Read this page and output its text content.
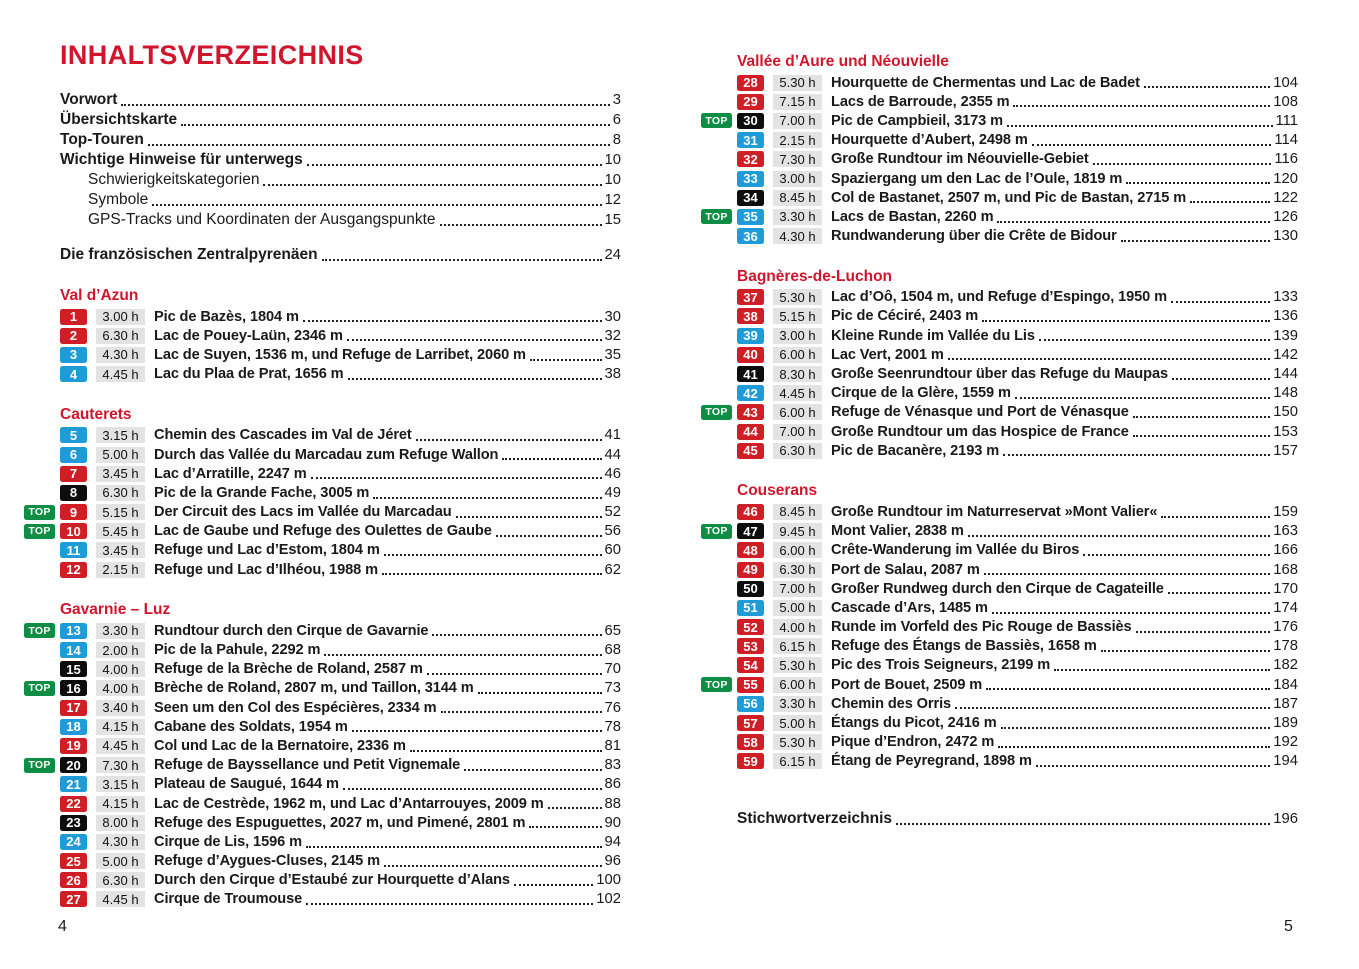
INHALTSVERZEICHNIS
Vorwort	3
Übersichtskarte	6
Top-Touren	8
Wichtige Hinweise für unterwegs	10
Schwierigkeitskategorien	10
Symbole	12
GPS-Tracks und Koordinaten der Ausgangspunkte	15
Die französischen Zentralpyrenäen	24
Val d’Azun
1	3.00 h	Pic de Bazès, 1804 m	30
2	6.30 h	Lac de Pouey-Laün, 2346 m	32
3	4.30 h	Lac de Suyen, 1536 m, und Refuge de Larribet, 2060 m	35
4	4.45 h	Lac du Plaa de Prat, 1656 m	38
Cauterets
5	3.15 h	Chemin des Cascades im Val de Jéret	41
6	5.00 h	Durch das Vallée du Marcadau zum Refuge Wallon	44
7	3.45 h	Lac d’Arratille, 2247 m	46
8	6.30 h	Pic de la Grande Fache, 3005 m	49
TOP	9	5.15 h	Der Circuit des Lacs im Vallée du Marcadau	52
TOP	10	5.45 h	Lac de Gaube und Refuge des Oulettes de Gaube	56
11	3.45 h	Refuge und Lac d’Estom, 1804 m	60
12	2.15 h	Refuge und Lac d’Ilhéou, 1988 m	62
Gavarnie – Luz
TOP	13	3.30 h	Rundtour durch den Cirque de Gavarnie	65
14	2.00 h	Pic de la Pahule, 2292 m	68
15	4.00 h	Refuge de la Brèche de Roland, 2587 m	70
TOP	16	4.00 h	Brèche de Roland, 2807 m, und Taillon, 3144 m	73
17	3.40 h	Seen um den Col des Espécières, 2334 m	76
18	4.15 h	Cabane des Soldats, 1954 m	78
19	4.45 h	Col und Lac de la Bernatoire, 2336 m	81
TOP	20	7.30 h	Refuge de Bayssellance und Petit Vignemale	83
21	3.15 h	Plateau de Saugué, 1644 m	86
22	4.15 h	Lac de Cestrède, 1962 m, und Lac d’Antarrouyes, 2009 m	88
23	8.00 h	Refuge des Espuguettes, 2027 m, und Pimené, 2801 m	90
24	4.30 h	Cirque de Lis, 1596 m	94
25	5.00 h	Refuge d’Aygues-Cluses, 2145 m	96
26	6.30 h	Durch den Cirque d’Estaubé zur Hourquette d’Alans	100
27	4.45 h	Cirque de Troumouse	102
Vallée d’Aure und Néouvielle
28	5.30 h	Hourquette de Chermentas und Lac de Badet	104
29	7.15 h	Lacs de Barroude, 2355 m	108
TOP	30	7.00 h	Pic de Campbieil, 3173 m	111
31	2.15 h	Hourquette d’Aubert, 2498 m	114
32	7.30 h	Große Rundtour im Néouvielle-Gebiet	116
33	3.00 h	Spaziergang um den Lac de l’Oule, 1819 m	120
34	8.45 h	Col de Bastanet, 2507 m, und Pic de Bastan, 2715 m	122
TOP	35	3.30 h	Lacs de Bastan, 2260 m	126
36	4.30 h	Rundwanderung über die Crête de Bidour	130
Bagnères-de-Luchon
37	5.30 h	Lac d’Oô, 1504 m, und Refuge d’Espingo, 1950 m	133
38	5.15 h	Pic de Céciré, 2403 m	136
39	3.00 h	Kleine Runde im Vallée du Lis	139
40	6.00 h	Lac Vert, 2001 m	142
41	8.30 h	Große Seenrundtour über das Refuge du Maupas	144
42	4.45 h	Cirque de la Glère, 1559 m	148
TOP	43	6.00 h	Refuge de Vénasque und Port de Vénasque	150
44	7.00 h	Große Rundtour um das Hospice de France	153
45	6.30 h	Pic de Bacanère, 2193 m	157
Couserans
46	8.45 h	Große Rundtour im Naturreservat »Mont Valier«	159
TOP	47	9.45 h	Mont Valier, 2838 m	163
48	6.00 h	Crête-Wanderung im Vallée du Biros	166
49	6.30 h	Port de Salau, 2087 m	168
50	7.00 h	Großer Rundweg durch den Cirque de Cagateille	170
51	5.00 h	Cascade d’Ars, 1485 m	174
52	4.00 h	Runde im Vorfeld des Pic Rouge de Bassiès	176
53	6.15 h	Refuge des Étangs de Bassiès, 1658 m	178
54	5.30 h	Pic des Trois Seigneurs, 2199 m	182
TOP	55	6.00 h	Port de Bouet, 2509 m	184
56	3.30 h	Chemin des Orris	187
57	5.00 h	Étangs du Picot, 2416 m	189
58	5.30 h	Pique d’Endron, 2472 m	192
59	6.15 h	Étang de Peyregrand, 1898 m	194
Stichwortverzeichnis	196
4	5
